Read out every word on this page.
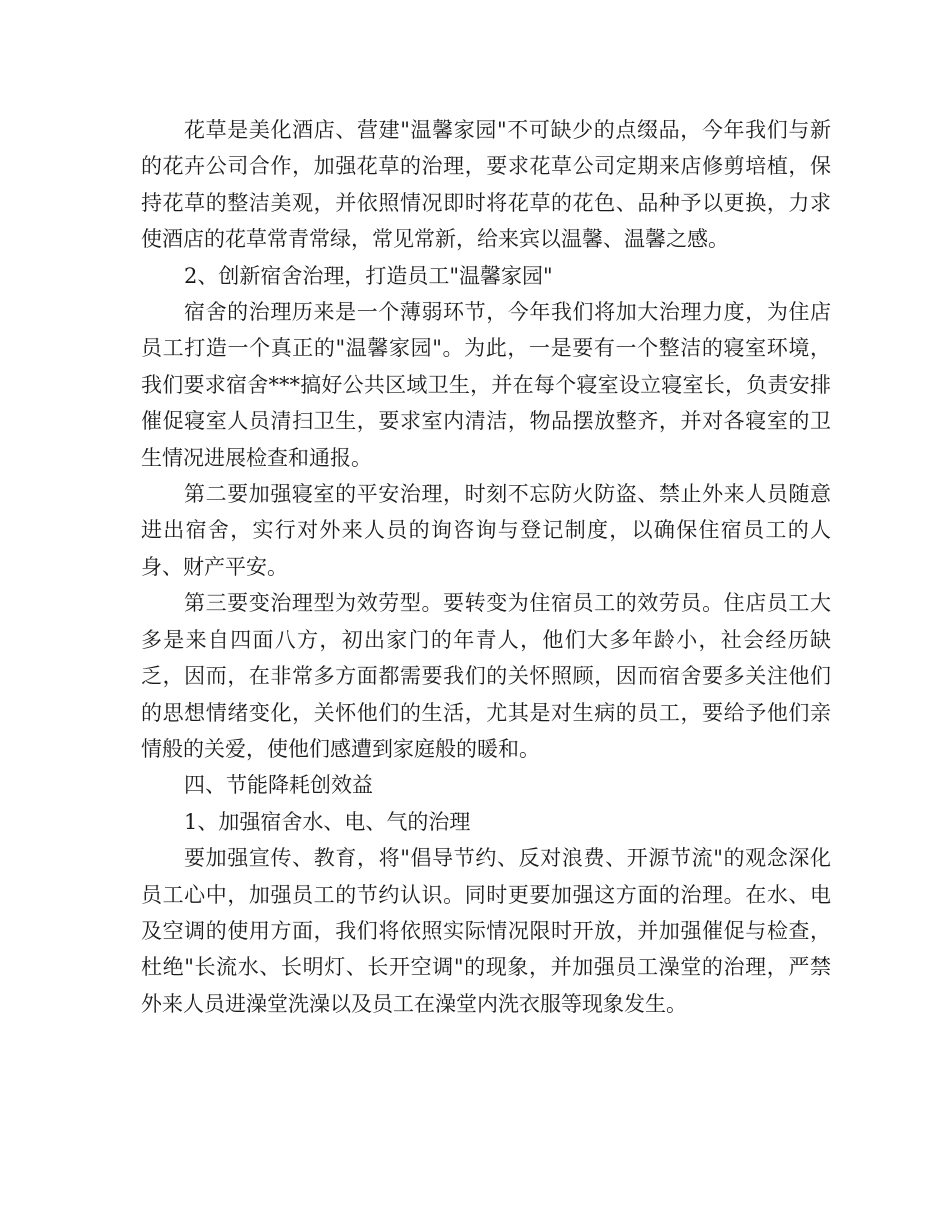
花草是美化酒店、营建"温馨家园"不可缺少的点缀品，今年我们与新的花卉公司合作，加强花草的治理，要求花草公司定期来店修剪培植，保持花草的整洁美观，并依照情况即时将花草的花色、品种予以更换，力求使酒店的花草常青常绿，常见常新，给来宾以温馨、温馨之感。

2、创新宿舍治理，打造员工"温馨家园"

宿舍的治理历来是一个薄弱环节，今年我们将加大治理力度，为住店员工打造一个真正的"温馨家园"。为此，一是要有一个整洁的寝室环境，我们要求宿舍***搞好公共区域卫生，并在每个寝室设立寝室长，负责安排催促寝室人员清扫卫生，要求室内清洁，物品摆放整齐，并对各寝室的卫生情况进展检查和通报。

第二要加强寝室的平安治理，时刻不忘防火防盗、禁止外来人员随意进出宿舍，实行对外来人员的询咨询与登记制度，以确保住宿员工的人身、财产平安。

第三要变治理型为效劳型。要转变为住宿员工的效劳员。住店员工大多是来自四面八方，初出家门的年青人，他们大多年龄小，社会经历缺乏，因而，在非常多方面都需要我们的关怀照顾，因而宿舍要多关注他们的思想情绪变化，关怀他们的生活，尤其是对生病的员工，要给予他们亲情般的关爱，使他们感遭到家庭般的暖和。

四、节能降耗创效益

1、加强宿舍水、电、气的治理

要加强宣传、教育，将"倡导节约、反对浪费、开源节流"的观念深化员工心中，加强员工的节约认识。同时更要加强这方面的治理。在水、电及空调的使用方面，我们将依照实际情况限时开放，并加强催促与检查，杜绝"长流水、长明灯、长开空调"的现象，并加强员工澡堂的治理，严禁外来人员进澡堂洗澡以及员工在澡堂内洗衣服等现象发生。
